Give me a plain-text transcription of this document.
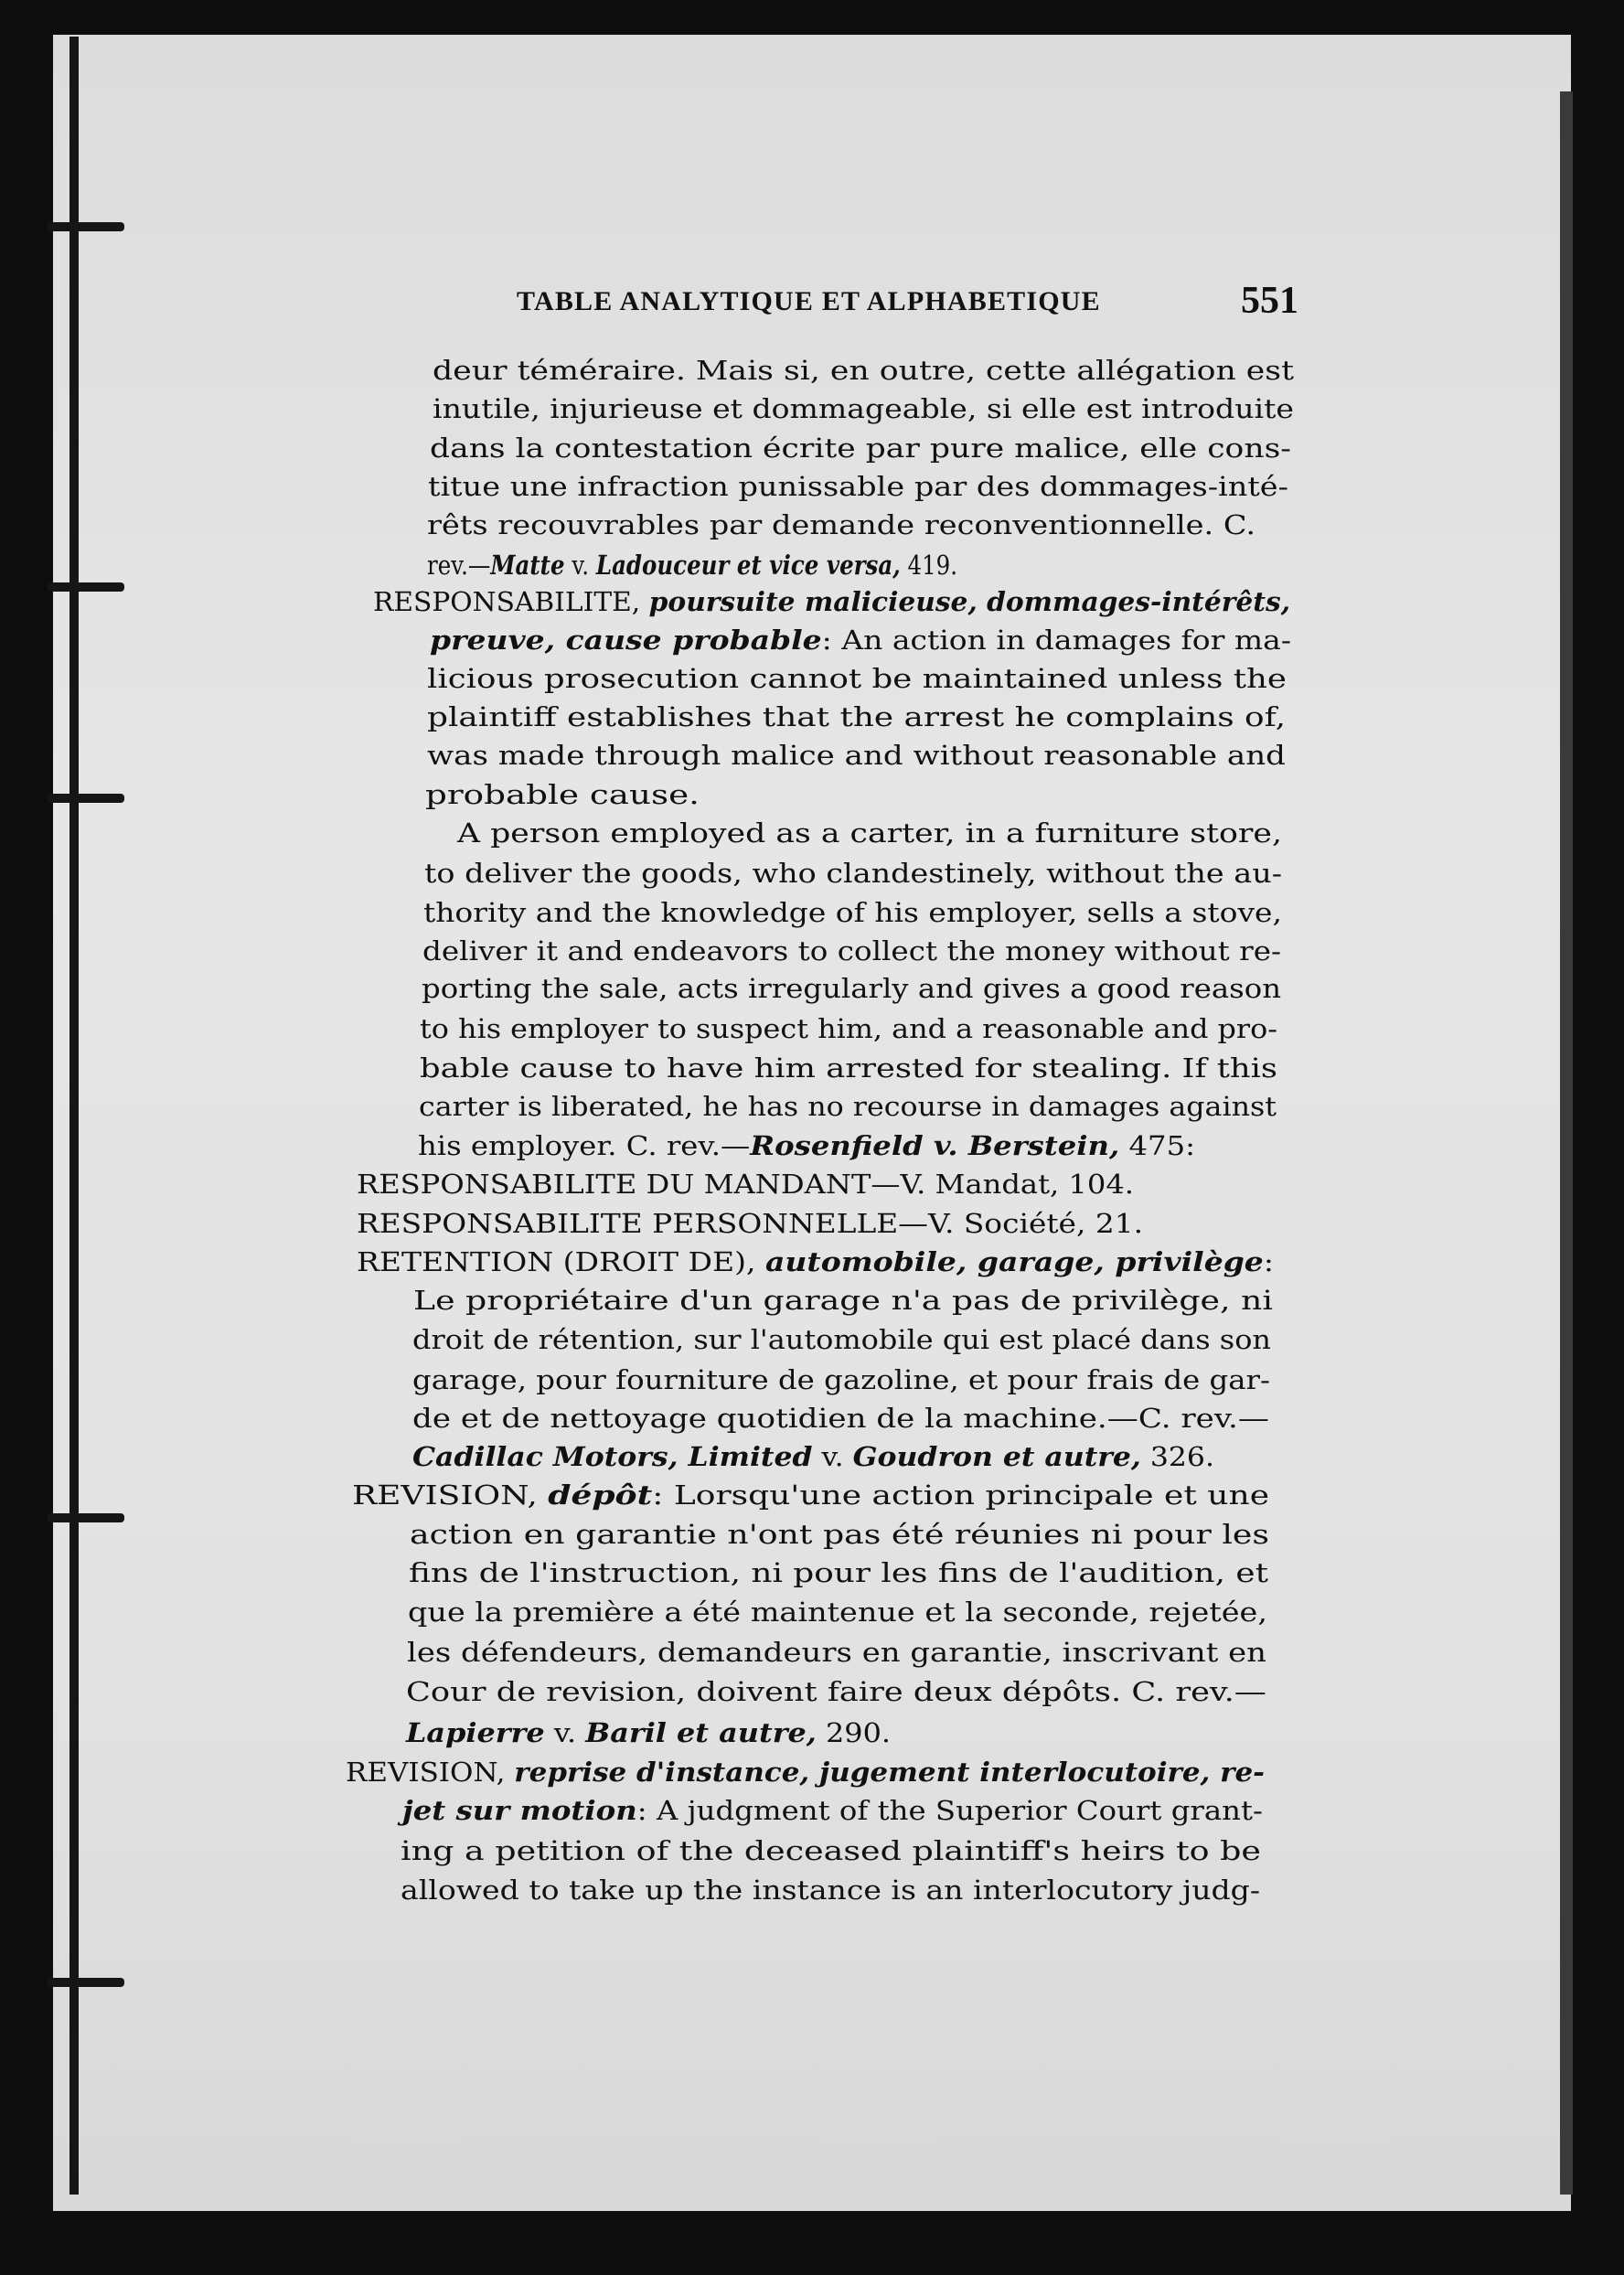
TABLE ANALYTIQUE ET ALPHABETIQUE	551
deur téméraire. Mais si, en outre, cette allégation est
inutile, injurieuse et dommageable, si elle est introduite
dans la contestation écrite par pure malice, elle cons-
titue une infraction punissable par des dommages-inté-
rêts recouvrables par demande reconventionnelle. C.
rev.—Matte v. Ladouceur et vice versa, 419.
RESPONSABILITE, poursuite malicieuse, dommages-intérêts,
preuve, cause probable: An action in damages for ma-
licious prosecution cannot be maintained unless the
plaintiff establishes that the arrest he complains of,
was made through malice and without reasonable and
probable cause.
A person employed as a carter, in a furniture store,
to deliver the goods, who clandestinely, without the au-
thority and the knowledge of his employer, sells a stove,
deliver it and endeavors to collect the money without re-
porting the sale, acts irregularly and gives a good reason
to his employer to suspect him, and a reasonable and pro-
bable cause to have him arrested for stealing. If this
carter is liberated, he has no recourse in damages against
his employer. C. rev.—Rosenfield v. Berstein, 475:
RESPONSABILITE DU MANDANT—V. Mandat, 104.
RESPONSABILITE PERSONNELLE—V. Société, 21.
RETENTION (DROIT DE), automobile, garage, privilège:
Le propriétaire d'un garage n'a pas de privilège, ni
droit de rétention, sur l'automobile qui est placé dans son
garage, pour fourniture de gazoline, et pour frais de gar-
de et de nettoyage quotidien de la machine.—C. rev.—
Cadillac Motors, Limited v. Goudron et autre, 326.
REVISION, dépôt: Lorsqu'une action principale et une
action en garantie n'ont pas été réunies ni pour les
fins de l'instruction, ni pour les fins de l'audition, et
que la première a été maintenue et la seconde, rejetée,
les défendeurs, demandeurs en garantie, inscrivant en
Cour de revision, doivent faire deux dépôts. C. rev.—
Lapierre v. Baril et autre, 290.
REVISION, reprise d'instance, jugement interlocutoire, re-
jet sur motion: A judgment of the Superior Court grant-
ing a petition of the deceased plaintiff's heirs to be
allowed to take up the instance is an interlocutory judg-
